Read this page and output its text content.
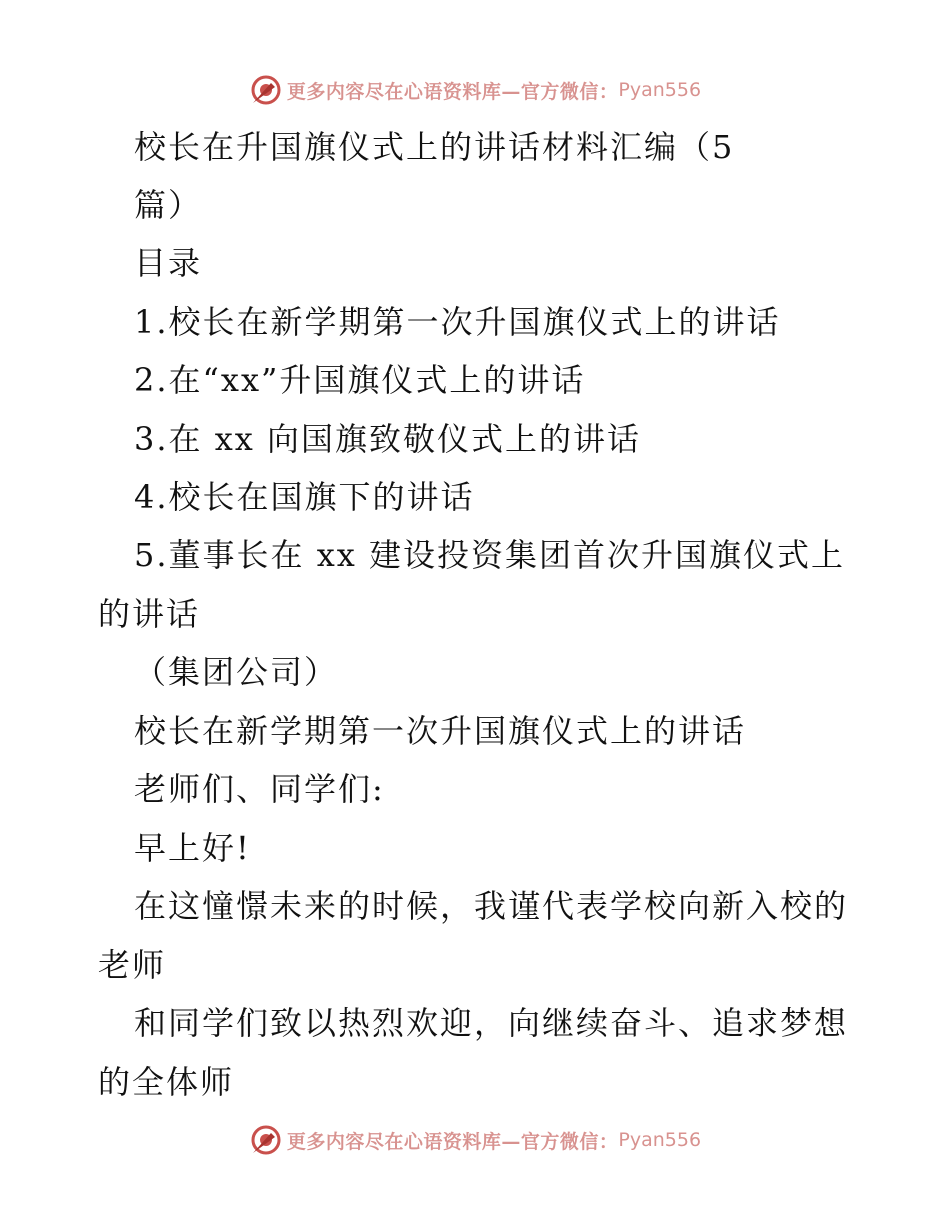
更多内容尽在心语资料库—官方微信： Pyan556
校长在升国旗仪式上的讲话材料汇编（5
篇）
目录
1.校长在新学期第一次升国旗仪式上的讲话
2.在“xx”升国旗仪式上的讲话
3.在 xx 向国旗致敬仪式上的讲话
4.校长在国旗下的讲话
5.董事长在 xx 建设投资集团首次升国旗仪式上
的讲话
（集团公司）
校长在新学期第一次升国旗仪式上的讲话
老师们、同学们:
早上好!
在这憧憬未来的时候，我谨代表学校向新入校的
老师
和同学们致以热烈欢迎，向继续奋斗、追求梦想
的全体师
更多内容尽在心语资料库—官方微信： Pyan556
